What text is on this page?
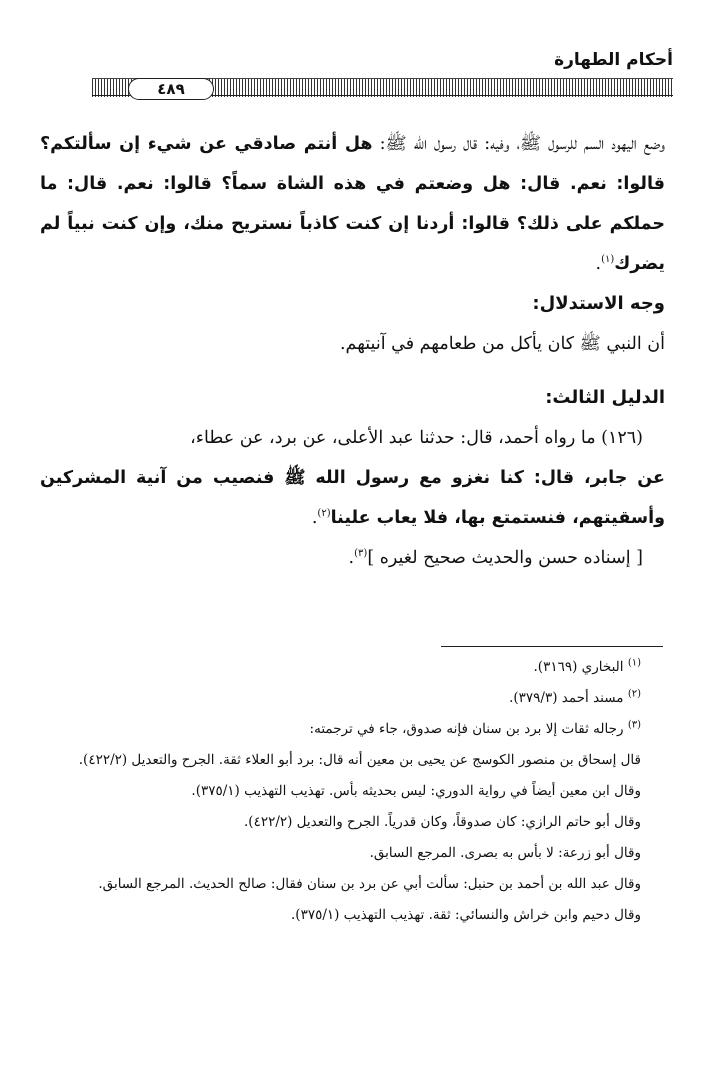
أحكام الطهارة
٤٨٩

وضع اليهود السم للرسول ﷺ، وفيه: قال رسول الله ﷺ: هل أنتم صادقي عن شيء إن سألتكم؟ قالوا: نعم. قال: هل وضعتم في هذه الشاة سماً؟ قالوا: نعم. قال: ما حملكم على ذلك؟ قالوا: أردنا إن كنت كاذباً نستريح منك، وإن كنت نبياً لم يضرك$^{(١)}$.

وجه الاستدلال:

أن النبي ﷺ كان يأكل من طعامهم في آنيتهم.

الدليل الثالث:

(١٢٦) ما رواه أحمد، قال: حدثنا عبد الأعلى، عن برد، عن عطاء،

عن جابر، قال: كنا نغزو مع رسول الله ﷺ فنصيب من آنية المشركين وأسقيتهم، فنستمتع بها، فلا يعاب علينا$^{(٢)}$.

[ إسناده حسن والحديث صحيح لغيره ]$^{(٣)}$.

$^{(١)}$ البخاري (٣١٦٩).

$^{(٢)}$ مسند أحمد (٣٧٩/٣).

$^{(٣)}$ رجاله ثقات إلا برد بن سنان فإنه صدوق، جاء في ترجمته:

قال إسحاق بن منصور الكوسج عن يحيى بن معين أنه قال: برد أبو العلاء ثقة. الجرح والتعديل (٤٢٢/٢).

وقال ابن معين أيضاً في رواية الدوري: ليس بحديثه بأس. تهذيب التهذيب (٣٧٥/١).

وقال أبو حاتم الرازي: كان صدوقاً، وكان قدرياً. الجرح والتعديل (٤٢٢/٢).

وقال أبو زرعة: لا بأس به بصرى. المرجع السابق.

وقال عبد الله بن أحمد بن حنبل: سألت أبي عن برد بن سنان فقال: صالح الحديث. المرجع السابق.

وقال دحيم وابن خراش والنسائي: ثقة. تهذيب التهذيب (٣٧٥/١).
